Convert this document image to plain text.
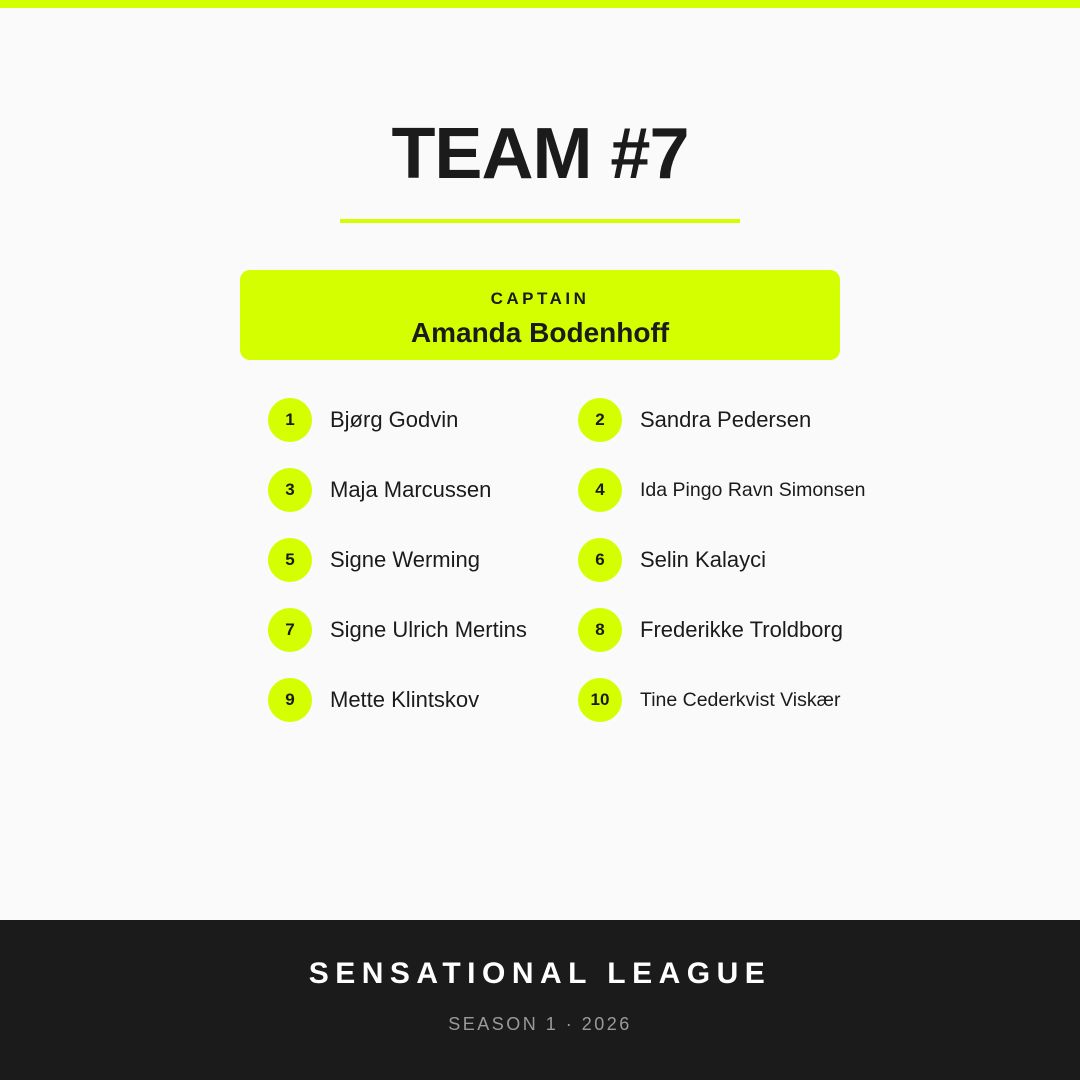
TEAM #7
CAPTAIN
Amanda Bodenhoff
1	Bjørg Godvin	2	Sandra Pedersen
3	Maja Marcussen	4	Ida Pingo Ravn Simonsen
5	Signe Werming	6	Selin Kalayci
7	Signe Ulrich Mertins	8	Frederikke Troldborg
9	Mette Klintskov	10	Tine Cederkvist Viskær
SENSATIONAL LEAGUE
SEASON 1 · 2026
